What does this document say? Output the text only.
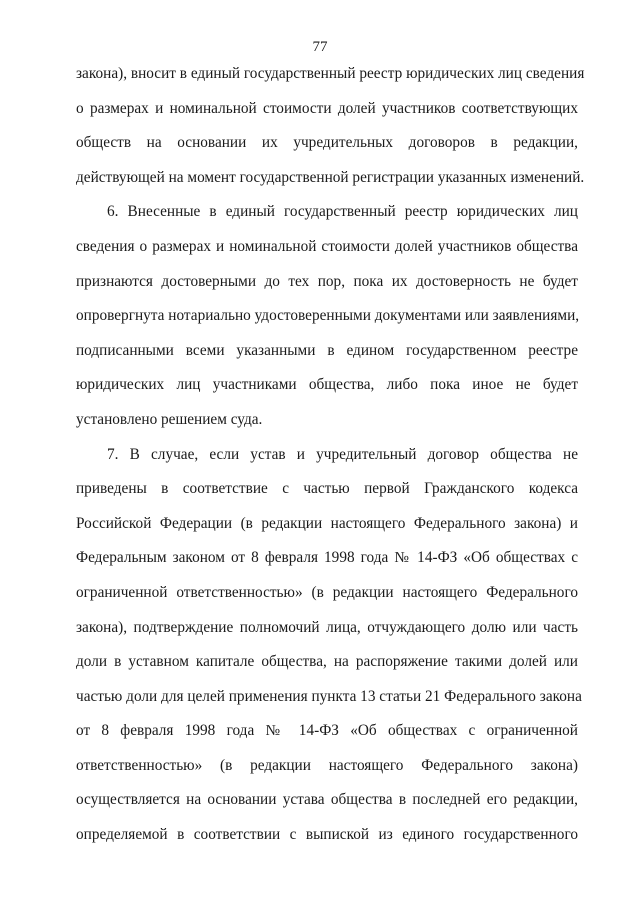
77
закона), вносит в единый государственный реестр юридических лиц сведения
о размерах и номинальной стоимости долей участников соответствующих
обществ на основании их учредительных договоров в редакции,
действующей на момент государственной регистрации указанных изменений.
6. Внесенные в единый государственный реестр юридических лиц
сведения о размерах и номинальной стоимости долей участников общества
признаются достоверными до тех пор, пока их достоверность не будет
опровергнута нотариально удостоверенными документами или заявлениями,
подписанными всеми указанными в едином государственном реестре
юридических лиц участниками общества, либо пока иное не будет
установлено решением суда.
7. В случае, если устав и учредительный договор общества не
приведены в соответствие с частью первой Гражданского кодекса
Российской Федерации (в редакции настоящего Федерального закона) и
Федеральным законом от 8 февраля 1998 года № 14-ФЗ «Об обществах с
ограниченной ответственностью» (в редакции настоящего Федерального
закона), подтверждение полномочий лица, отчуждающего долю или часть
доли в уставном капитале общества, на распоряжение такими долей или
частью доли для целей применения пункта 13 статьи 21 Федерального закона
от 8 февраля 1998 года № 14-ФЗ «Об обществах с ограниченной
ответственностью» (в редакции настоящего Федерального закона)
осуществляется на основании устава общества в последней его редакции,
определяемой в соответствии с выпиской из единого государственного
